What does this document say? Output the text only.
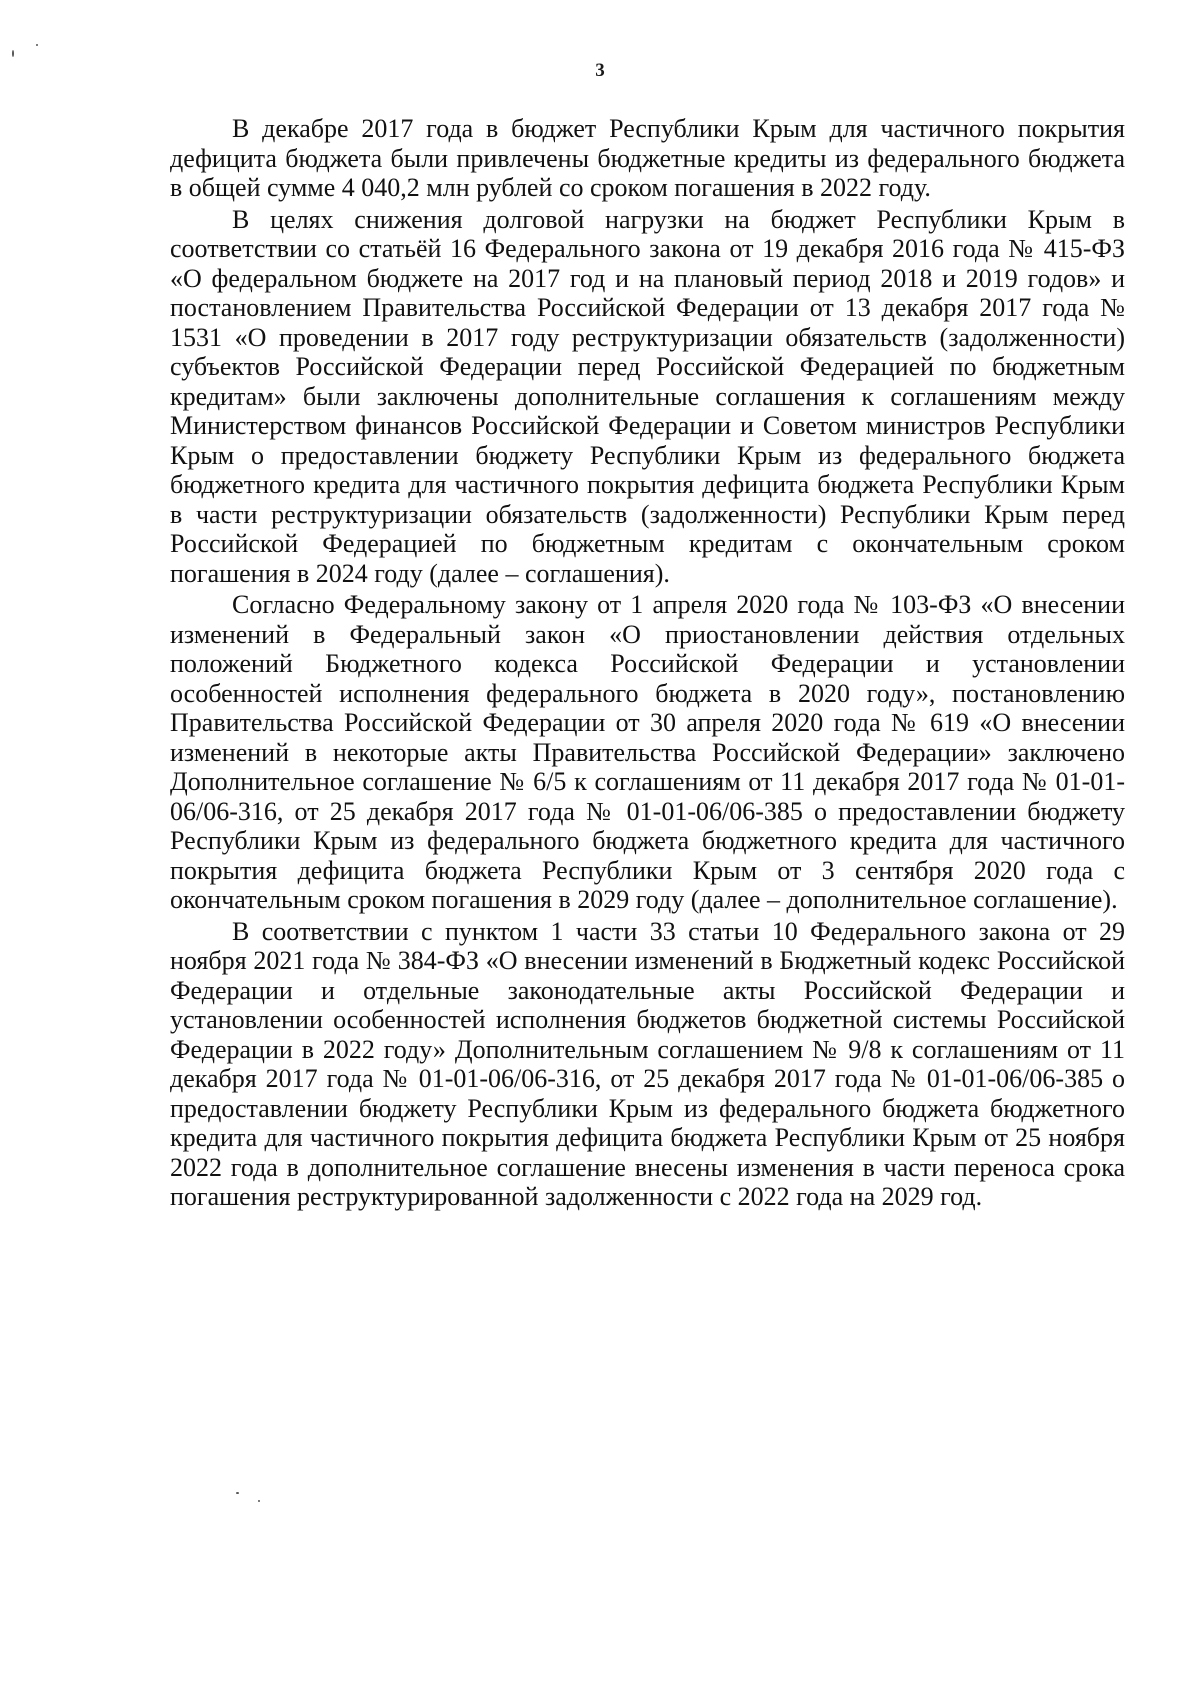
3

В декабре 2017 года в бюджет Республики Крым для частичного покрытия дефицита бюджета были привлечены бюджетные кредиты из федерального бюджета в общей сумме 4 040,2 млн рублей со сроком погашения в 2022 году.

В целях снижения долговой нагрузки на бюджет Республики Крым в соответствии со статьёй 16 Федерального закона от 19 декабря 2016 года № 415-ФЗ «О федеральном бюджете на 2017 год и на плановый период 2018 и 2019 годов» и постановлением Правительства Российской Федерации от 13 декабря 2017 года № 1531 «О проведении в 2017 году реструктуризации обязательств (задолженности) субъектов Российской Федерации перед Российской Федерацией по бюджетным кредитам» были заключены дополнительные соглашения к соглашениям между Министерством финансов Российской Федерации и Советом министров Республики Крым о предоставлении бюджету Республики Крым из федерального бюджета бюджетного кредита для частичного покрытия дефицита бюджета Республики Крым в части реструктуризации обязательств (задолженности) Республики Крым перед Российской Федерацией по бюджетным кредитам с окончательным сроком погашения в 2024 году (далее – соглашения).

Согласно Федеральному закону от 1 апреля 2020 года № 103-ФЗ «О внесении изменений в Федеральный закон «О приостановлении действия отдельных положений Бюджетного кодекса Российской Федерации и установлении особенностей исполнения федерального бюджета в 2020 году», постановлению Правительства Российской Федерации от 30 апреля 2020 года № 619 «О внесении изменений в некоторые акты Правительства Российской Федерации» заключено Дополнительное соглашение № 6/5 к соглашениям от 11 декабря 2017 года № 01-01-06/06-316, от 25 декабря 2017 года № 01-01-06/06-385 о предоставлении бюджету Республики Крым из федерального бюджета бюджетного кредита для частичного покрытия дефицита бюджета Республики Крым от 3 сентября 2020 года с окончательным сроком погашения в 2029 году (далее – дополнительное соглашение).

В соответствии с пунктом 1 части 33 статьи 10 Федерального закона от 29 ноября 2021 года № 384-ФЗ «О внесении изменений в Бюджетный кодекс Российской Федерации и отдельные законодательные акты Российской Федерации и установлении особенностей исполнения бюджетов бюджетной системы Российской Федерации в 2022 году» Дополнительным соглашением № 9/8 к соглашениям от 11 декабря 2017 года № 01-01-06/06-316, от 25 декабря 2017 года № 01-01-06/06-385 о предоставлении бюджету Республики Крым из федерального бюджета бюджетного кредита для частичного покрытия дефицита бюджета Республики Крым от 25 ноября 2022 года в дополнительное соглашение внесены изменения в части переноса срока погашения реструктурированной задолженности с 2022 года на 2029 год.
